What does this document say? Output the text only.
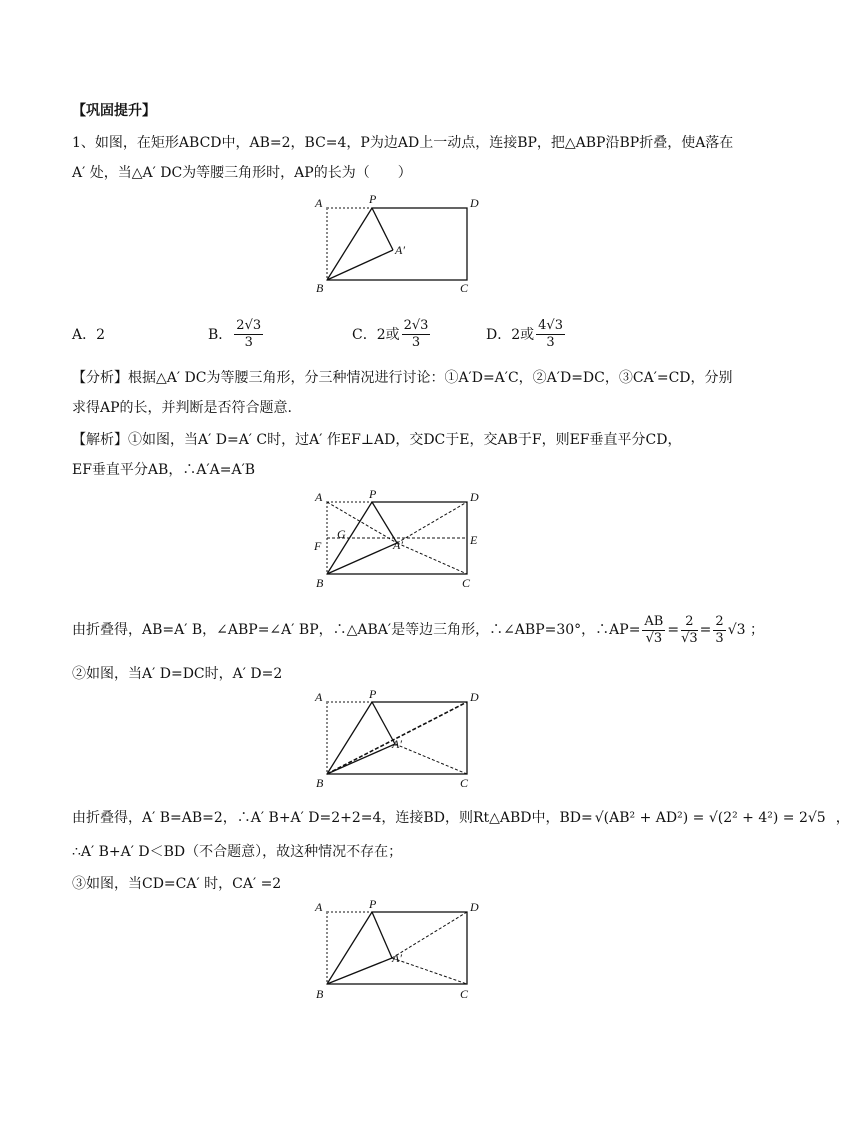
【巩固提升】
1、如图，在矩形ABCD中，AB=2，BC=4，P为边AD上一动点，连接BP，把△ABP沿BP折叠，使A落在
A′ 处，当△A′ DC为等腰三角形时，AP的长为（　　）
A	P	D
A′
B	C
A．2	B． $\frac{2√3}{3}$	C．2或 $\frac{2√3}{3}$	D．2或 $\frac{4√3}{3}$
【分析】根据△A′ DC为等腰三角形，分三种情况进行讨论：①A′D=A′C，②A′D=DC，③CA′=CD，分别
求得AP的长，并判断是否符合题意.
【解析】①如图，当A′ D=A′ C时，过A′ 作EF⊥AD，交DC于E，交AB于F，则EF垂直平分CD，
EF垂直平分AB，∴A′A=A′B
A	P	D
G
F	A′	E
B	C
由折叠得，AB=A′ B，∠ABP=∠A′ BP，∴△ABA′是等边三角形，∴∠ABP=30°，∴AP= $\frac{AB}{√3} = \frac{2}{√3} = \frac{2}{3} √3$ ；
②如图，当A′ D=DC时，A′ D=2
A	P	D
A′
B	C
由折叠得，A′ B=AB=2，∴A′ B+A′ D=2+2=4，连接BD，则Rt△ABD中，BD= √(AB² + AD²) = √(2² + 4²) = 2√5 ，
∴A′ B+A′ D＜BD（不合题意），故这种情况不存在；
③如图，当CD=CA′ 时，CA′ =2
A	P	D
A′
B	C
